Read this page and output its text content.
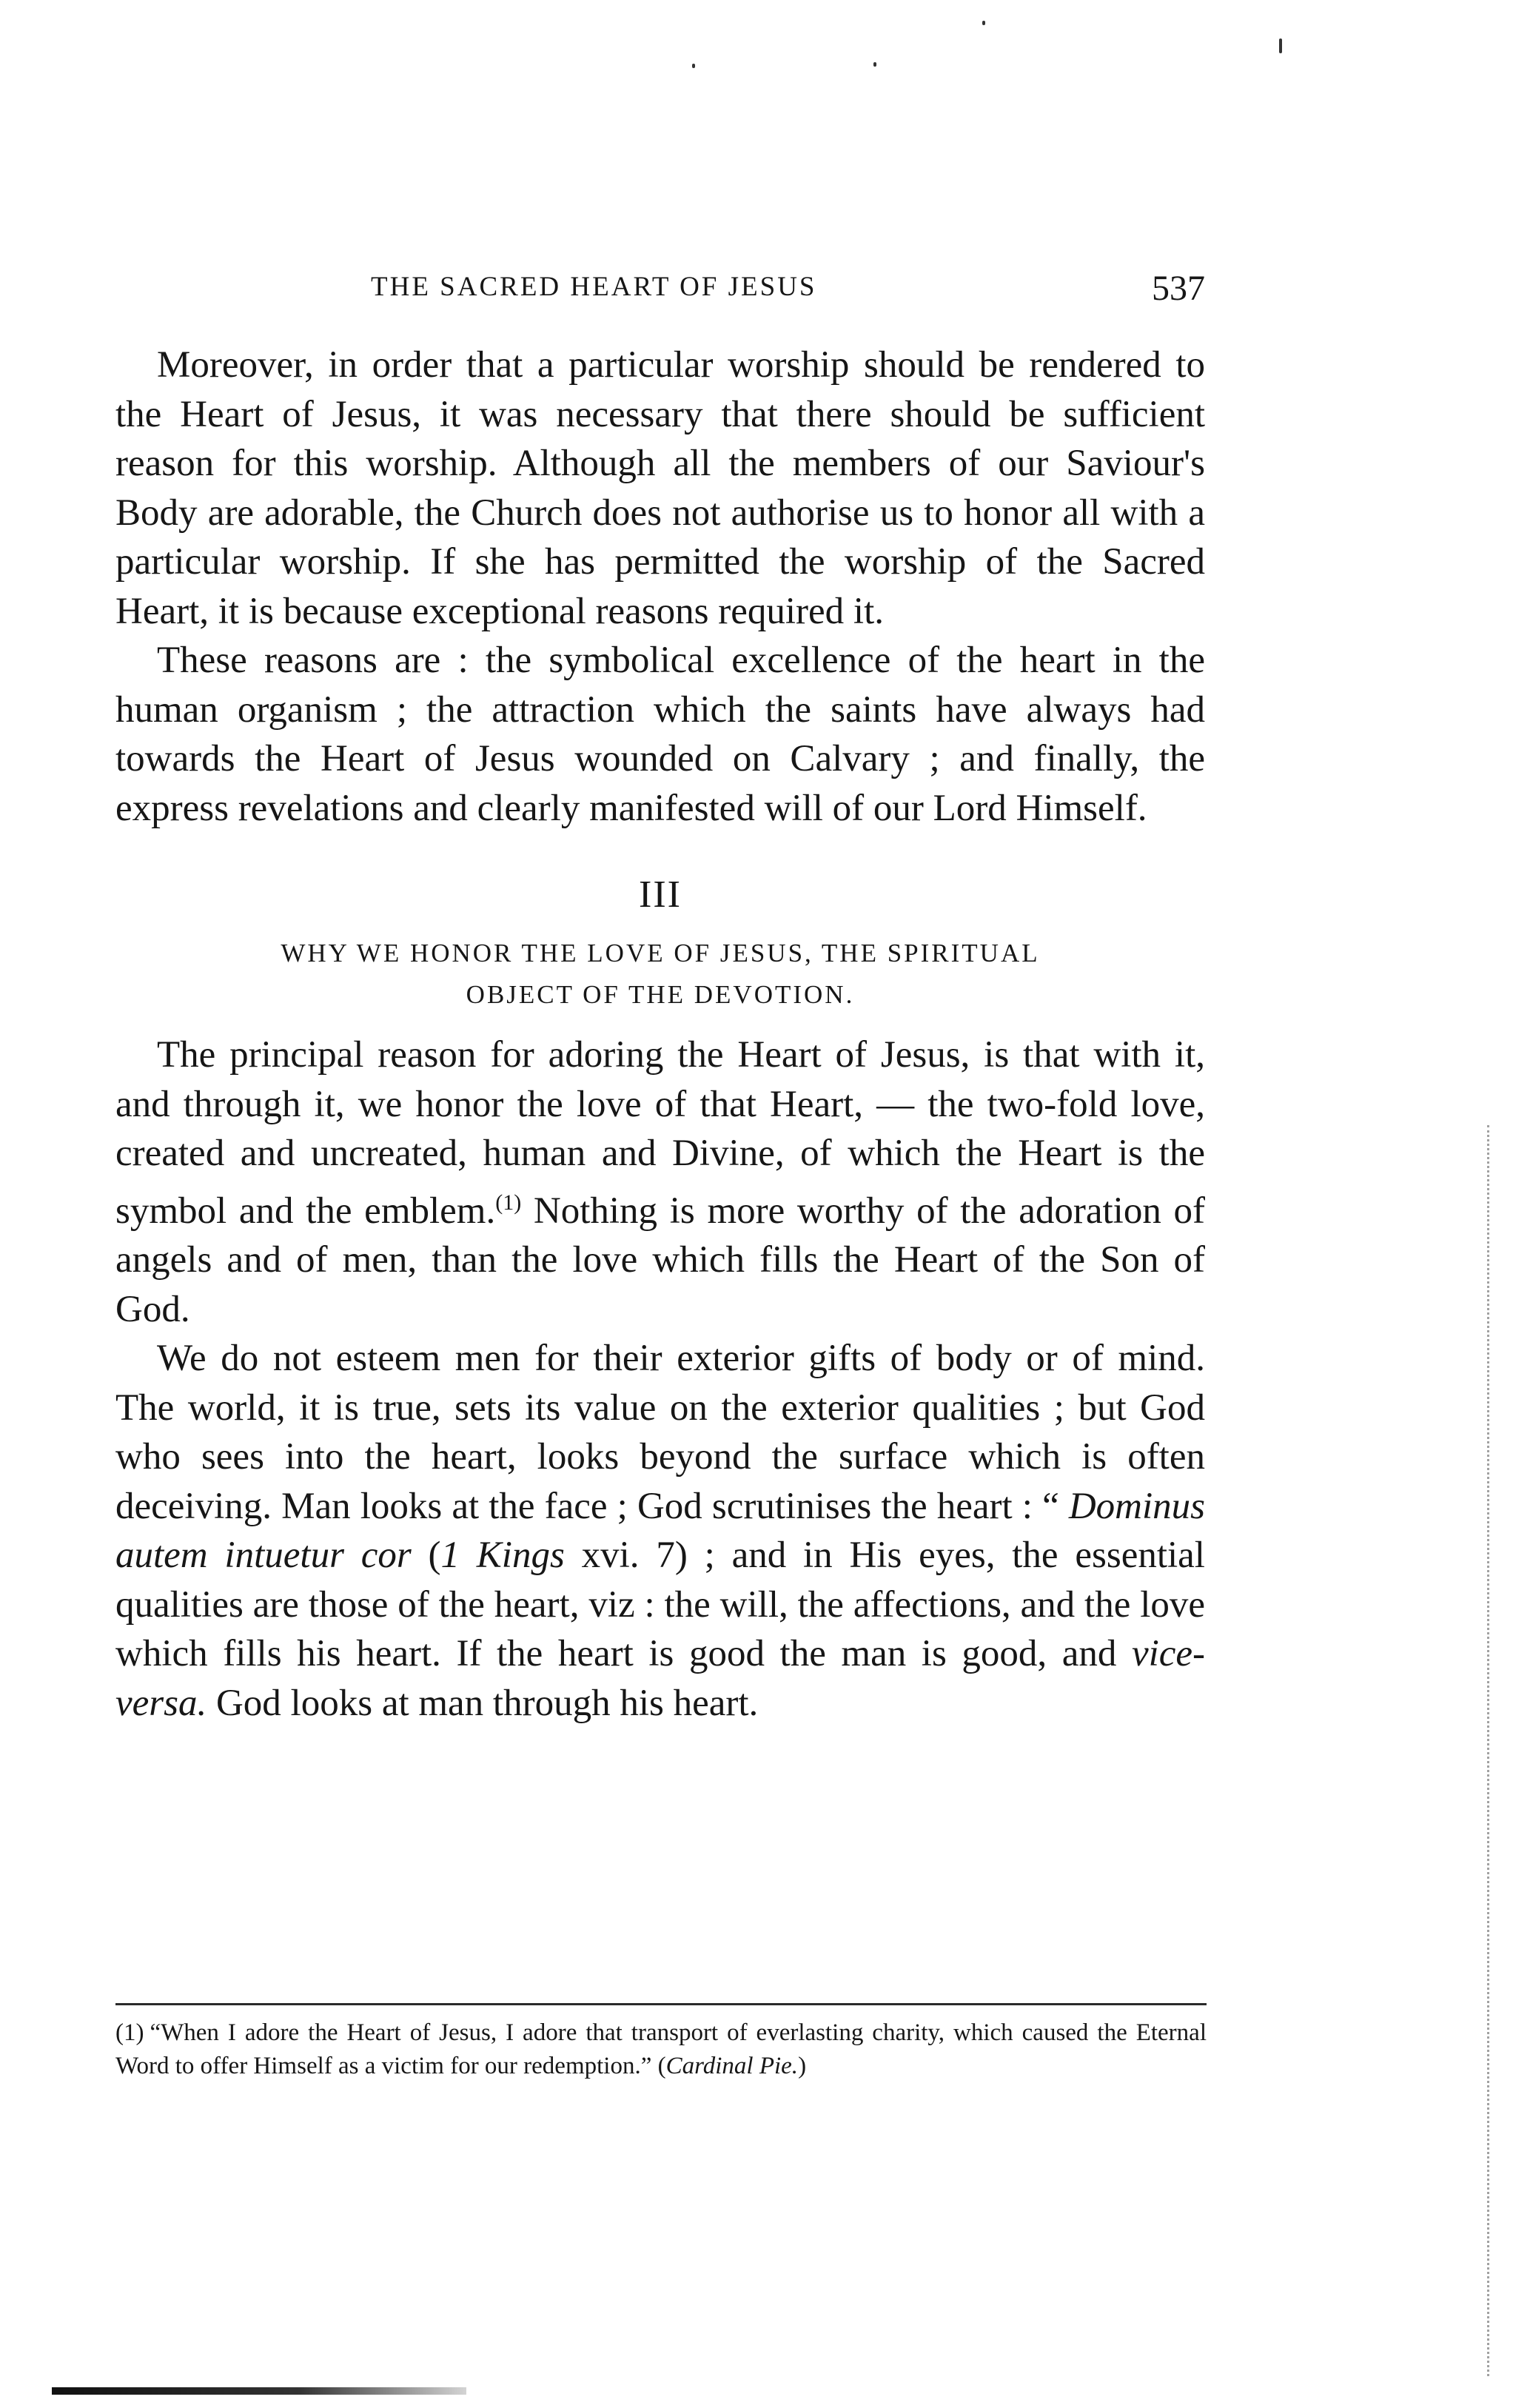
THE SACRED HEART OF JESUS	537

Moreover, in order that a particular worship should be rendered to the Heart of Jesus, it was necessary that there should be sufficient reason for this worship. Although all the members of our Saviour's Body are adorable, the Church does not authorise us to honor all with a particular worship. If she has permitted the worship of the Sacred Heart, it is because exceptional reasons required it.

These reasons are : the symbolical excellence of the heart in the human organism ; the attraction which the saints have always had towards the Heart of Jesus wounded on Calvary ; and finally, the express revelations and clearly manifested will of our Lord Himself.

III
WHY WE HONOR THE LOVE OF JESUS, THE SPIRITUAL
OBJECT OF THE DEVOTION.

The principal reason for adoring the Heart of Jesus, is that with it, and through it, we honor the love of that Heart, — the two-fold love, created and uncreated, human and Divine, of which the Heart is the symbol and the emblem.$^{(1)}$ Nothing is more worthy of the adoration of angels and of men, than the love which fills the Heart of the Son of God.

We do not esteem men for their exterior gifts of body or of mind. The world, it is true, sets its value on the exterior qualities ; but God who sees into the heart, looks beyond the surface which is often deceiving. Man looks at the face ; God scrutinises the heart : “ Dominus autem intuetur cor (1 Kings xvi. 7) ; and in His eyes, the essential qualities are those of the heart, viz : the will, the affections, and the love which fills his heart. If the heart is good the man is good, and vice-versa. God looks at man through his heart.

(1) “When I adore the Heart of Jesus, I adore that transport of everlasting charity, which caused the Eternal Word to offer Himself as a victim for our redemption.” (Cardinal Pie.)
